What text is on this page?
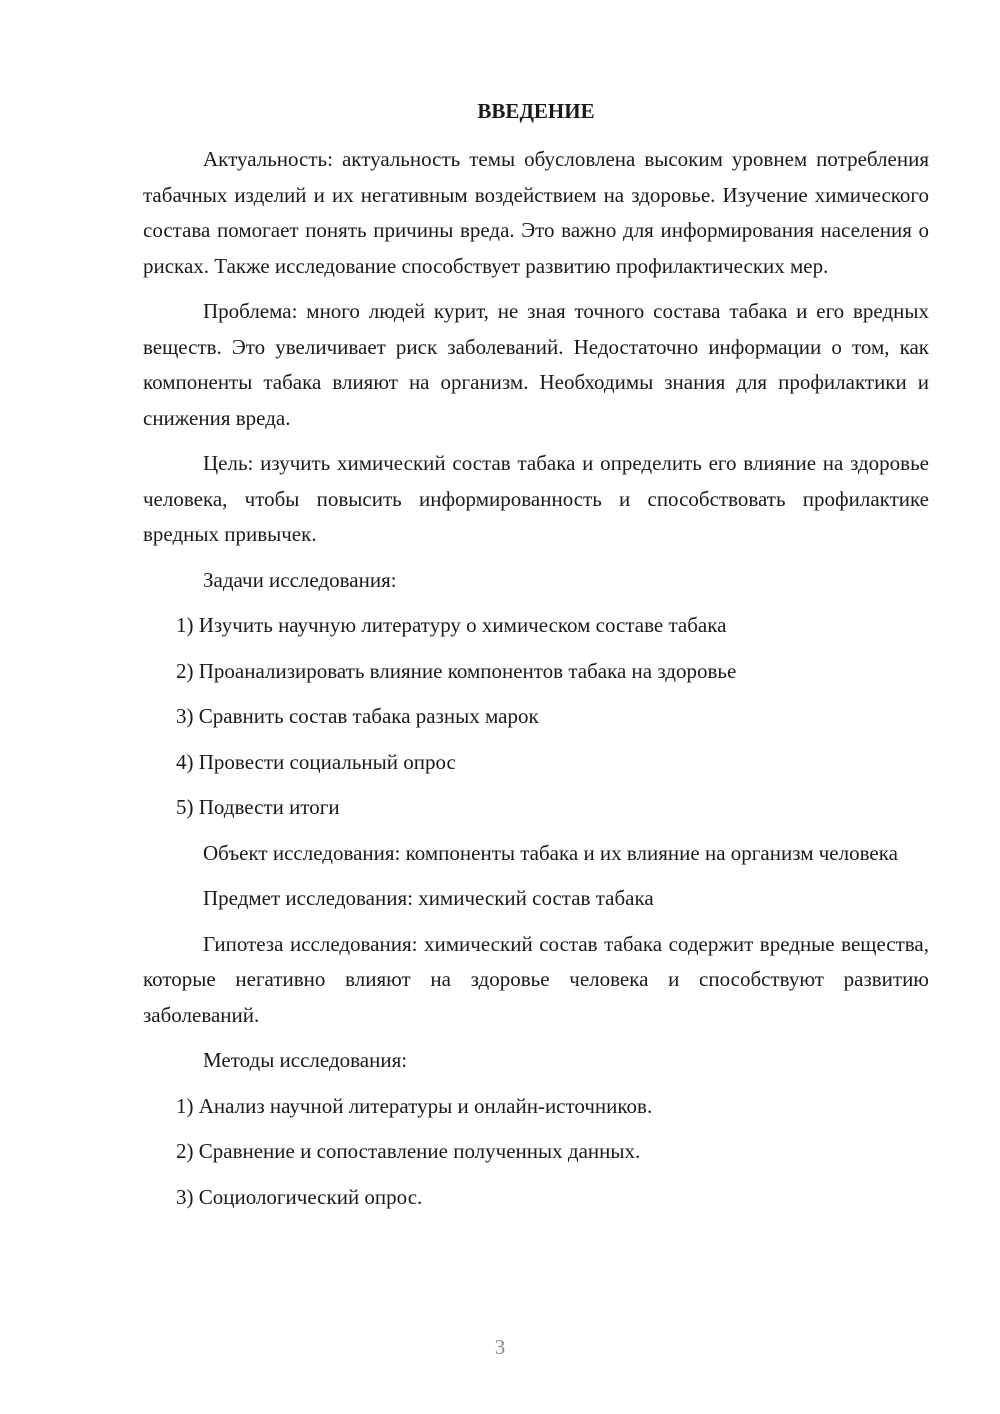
ВВЕДЕНИЕ

Актуальность: актуальность темы обусловлена высоким уровнем потребления табачных изделий и их негативным воздействием на здоровье. Изучение химического состава помогает понять причины вреда. Это важно для информирования населения о рисках. Также исследование способствует развитию профилактических мер.

Проблема: много людей курит, не зная точного состава табака и его вредных веществ. Это увеличивает риск заболеваний. Недостаточно информации о том, как компоненты табака влияют на организм. Необходимы знания для профилактики и снижения вреда.

Цель: изучить химический состав табака и определить его влияние на здоровье человека, чтобы повысить информированность и способствовать профилактике вредных привычек.

Задачи исследования:

1) Изучить научную литературу о химическом составе табака

2) Проанализировать влияние компонентов табака на здоровье

3) Сравнить состав табака разных марок

4) Провести социальный опрос

5) Подвести итоги

Объект исследования: компоненты табака и их влияние на организм человека

Предмет исследования: химический состав табака

Гипотеза исследования: химический состав табака содержит вредные вещества, которые негативно влияют на здоровье человека и способствуют развитию заболеваний.

Методы исследования:

1) Анализ научной литературы и онлайн-источников.

2) Сравнение и сопоставление полученных данных.

3) Социологический опрос.

3
